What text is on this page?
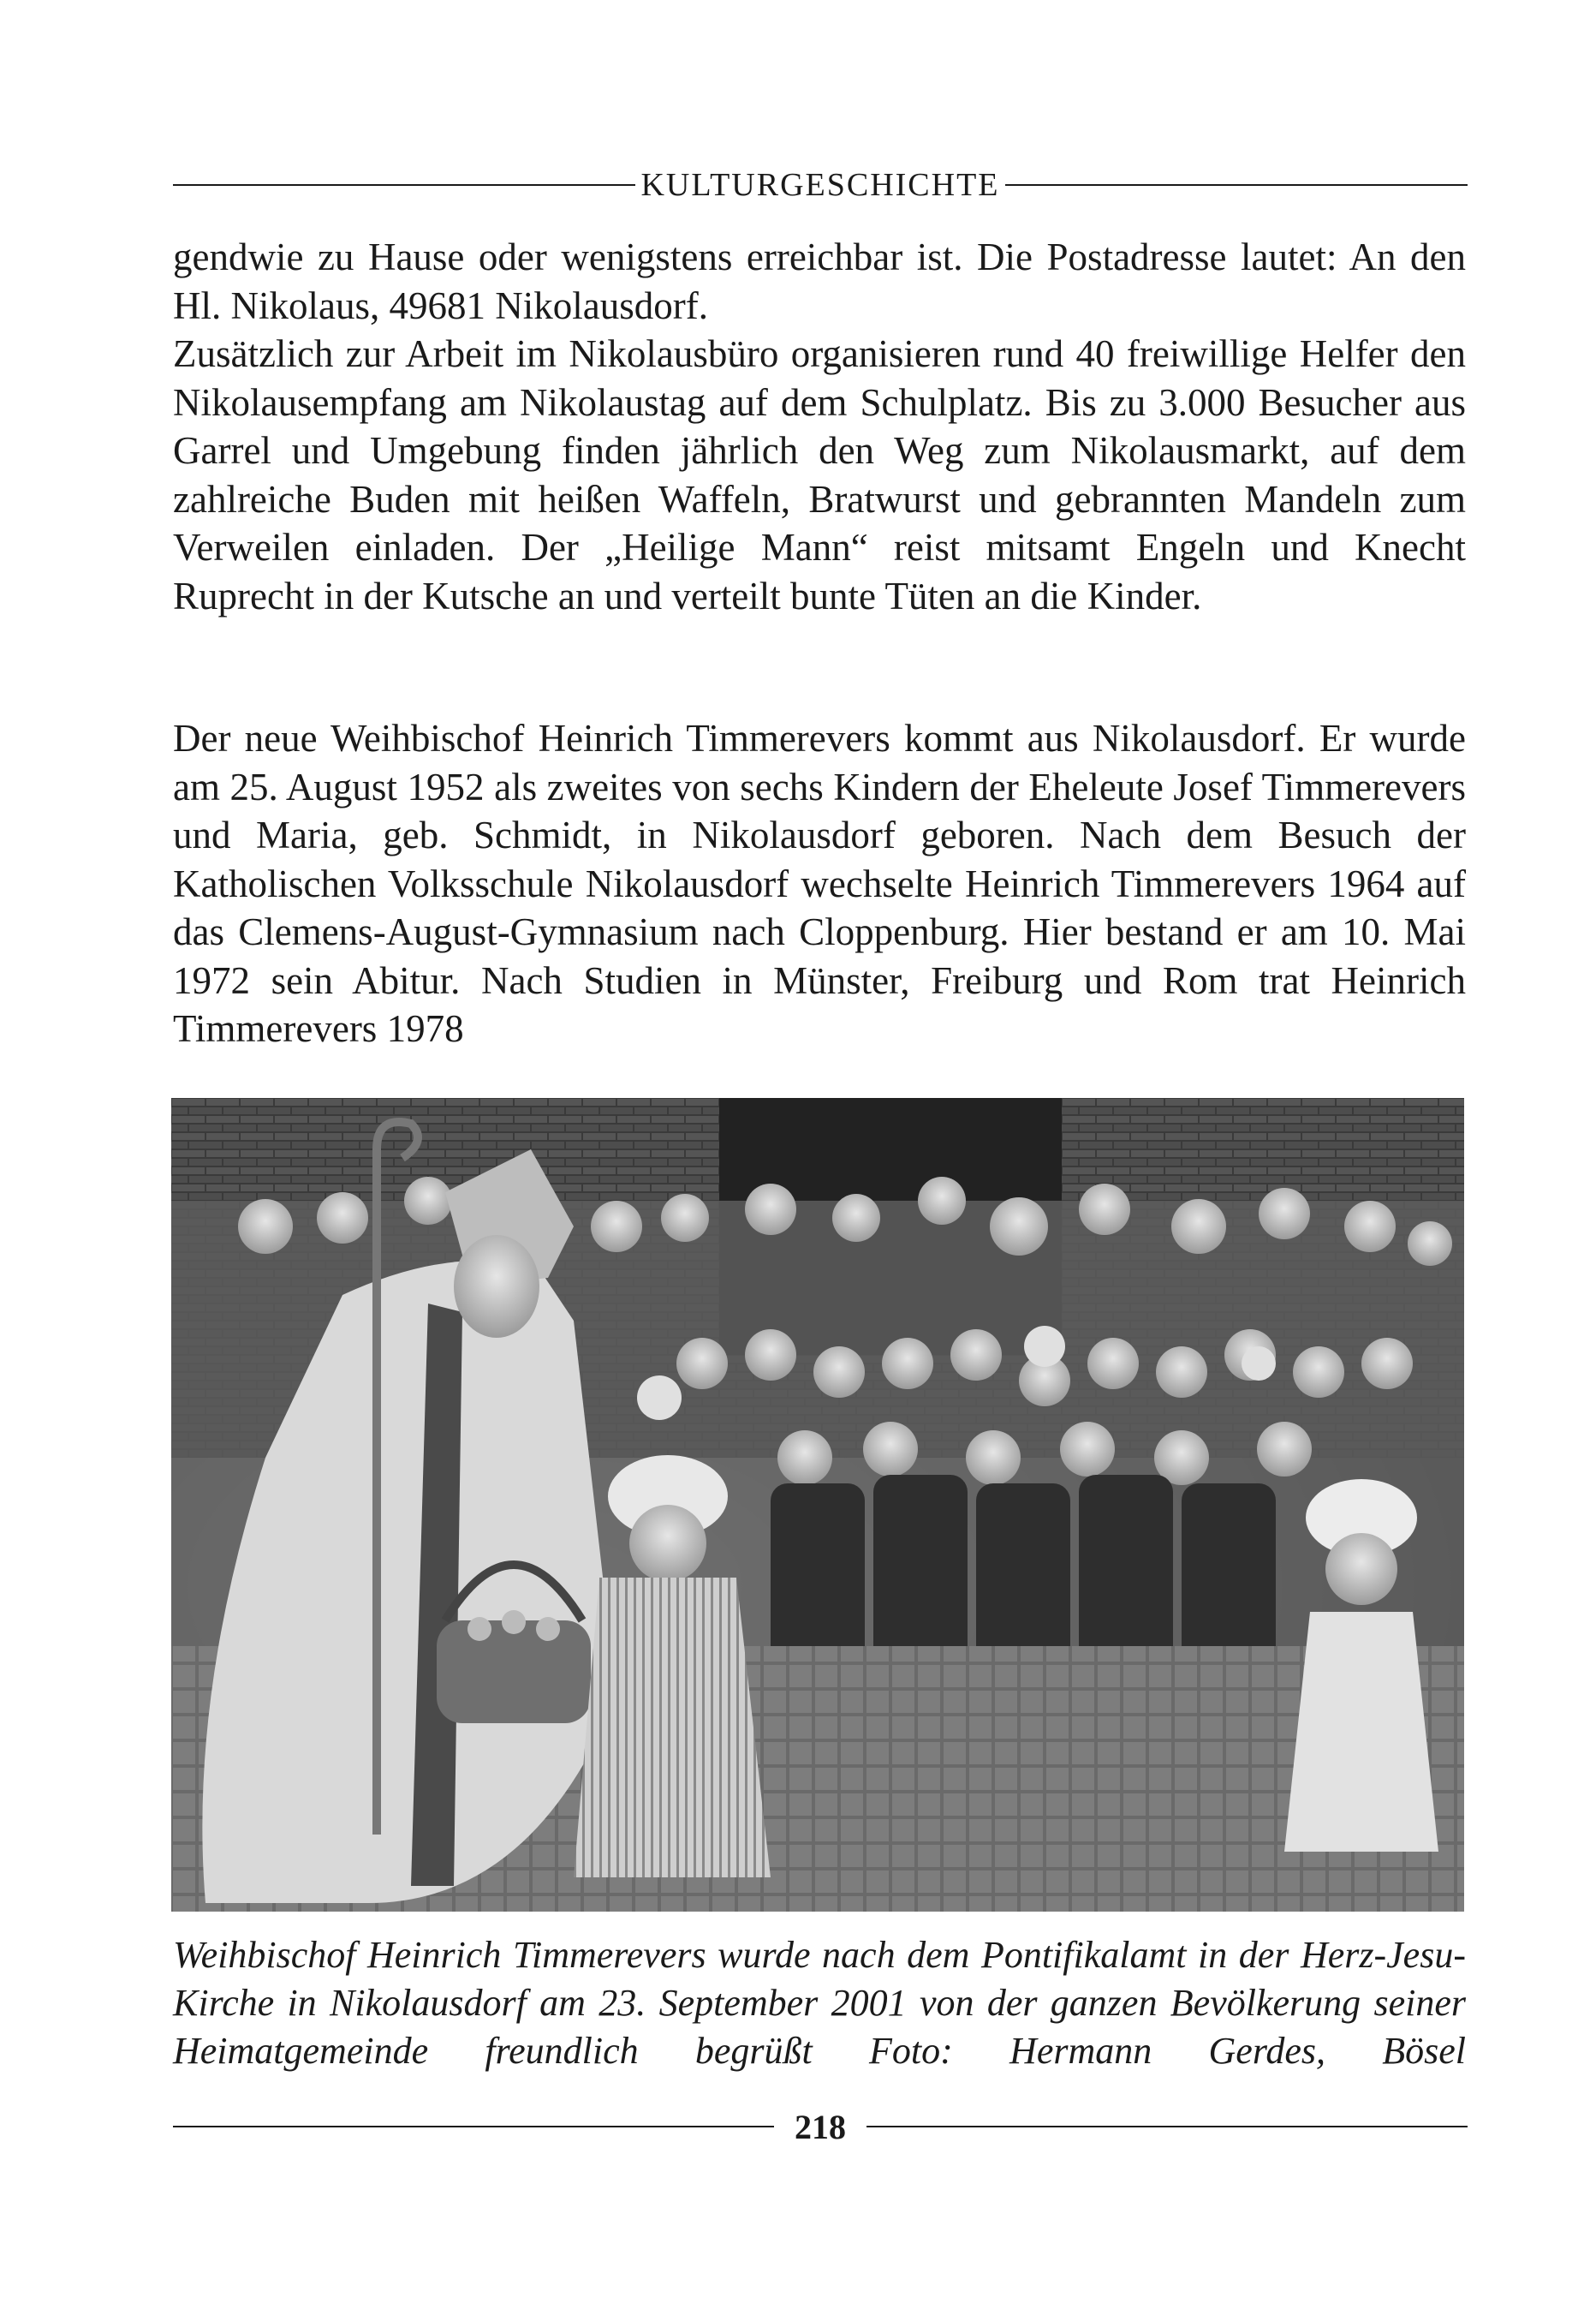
KULTURGESCHICHTE

gendwie zu Hause oder wenigstens erreichbar ist. Die Postadresse lautet: An den Hl. Nikolaus, 49681 Nikolausdorf.

Zusätzlich zur Arbeit im Nikolausbüro organisieren rund 40 freiwillige Helfer den Nikolausempfang am Nikolaustag auf dem Schulplatz. Bis zu 3.000 Besucher aus Garrel und Umgebung finden jährlich den Weg zum Nikolausmarkt, auf dem zahlreiche Buden mit heißen Waffeln, Bratwurst und gebrannten Mandeln zum Verweilen einladen. Der „Heilige Mann“ reist mitsamt Engeln und Knecht Ruprecht in der Kutsche an und verteilt bunte Tüten an die Kinder.

Der neue Weihbischof Heinrich Timmerevers kommt aus Nikolausdorf. Er wurde am 25. August 1952 als zweites von sechs Kindern der Eheleute Josef Timmerevers und Maria, geb. Schmidt, in Nikolausdorf geboren. Nach dem Besuch der Katholischen Volksschule Nikolausdorf wechselte Heinrich Timmerevers 1964 auf das Clemens-August-Gymnasium nach Cloppenburg. Hier bestand er am 10. Mai 1972 sein Abitur. Nach Studien in Münster, Freiburg und Rom trat Heinrich Timmerevers 1978

Weihbischof Heinrich Timmerevers wurde nach dem Pontifikalamt in der Herz-Jesu-Kirche in Nikolausdorf am 23. September 2001 von der ganzen Bevölkerung seiner Heimatgemeinde freundlich begrüßt Foto: Hermann Gerdes, Bösel
218
